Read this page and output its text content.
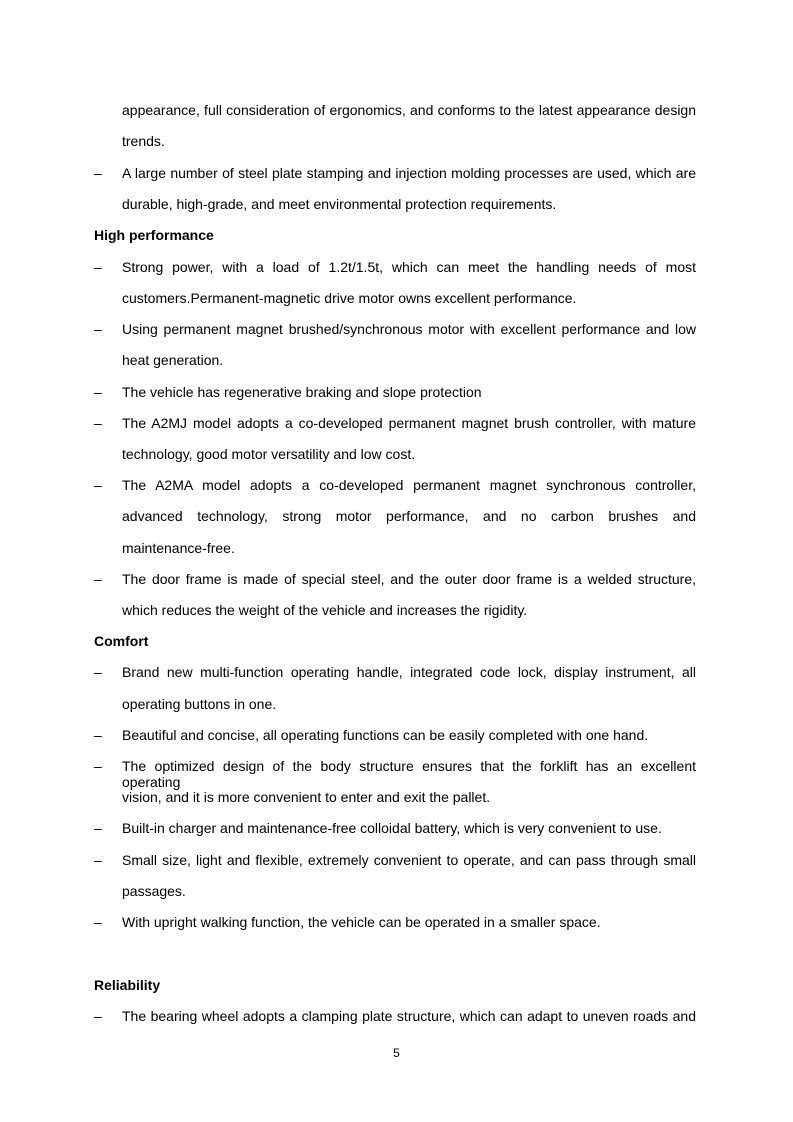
appearance, full consideration of ergonomics, and conforms to the latest appearance design
trends.
– A large number of steel plate stamping and injection molding processes are used, which are
durable, high-grade, and meet environmental protection requirements.
High performance
– Strong power, with a load of 1.2t/1.5t, which can meet the handling needs of most
customers.Permanent-magnetic drive motor owns excellent performance.
– Using permanent magnet brushed/synchronous motor with excellent performance and low
heat generation.
– The vehicle has regenerative braking and slope protection
– The A2MJ model adopts a co-developed permanent magnet brush controller, with mature
technology, good motor versatility and low cost.
– The A2MA model adopts a co-developed permanent magnet synchronous controller,
advanced technology, strong motor performance, and no carbon brushes and
maintenance-free.
– The door frame is made of special steel, and the outer door frame is a welded structure,
which reduces the weight of the vehicle and increases the rigidity.
Comfort
– Brand new multi-function operating handle, integrated code lock, display instrument, all
operating buttons in one.
– Beautiful and concise, all operating functions can be easily completed with one hand.
– The optimized design of the body structure ensures that the forklift has an excellent operating
vision, and it is more convenient to enter and exit the pallet.
– Built-in charger and maintenance-free colloidal battery, which is very convenient to use.
– Small size, light and flexible, extremely convenient to operate, and can pass through small
passages.
– With upright walking function, the vehicle can be operated in a smaller space.
Reliability
– The bearing wheel adopts a clamping plate structure, which can adapt to uneven roads and
5
